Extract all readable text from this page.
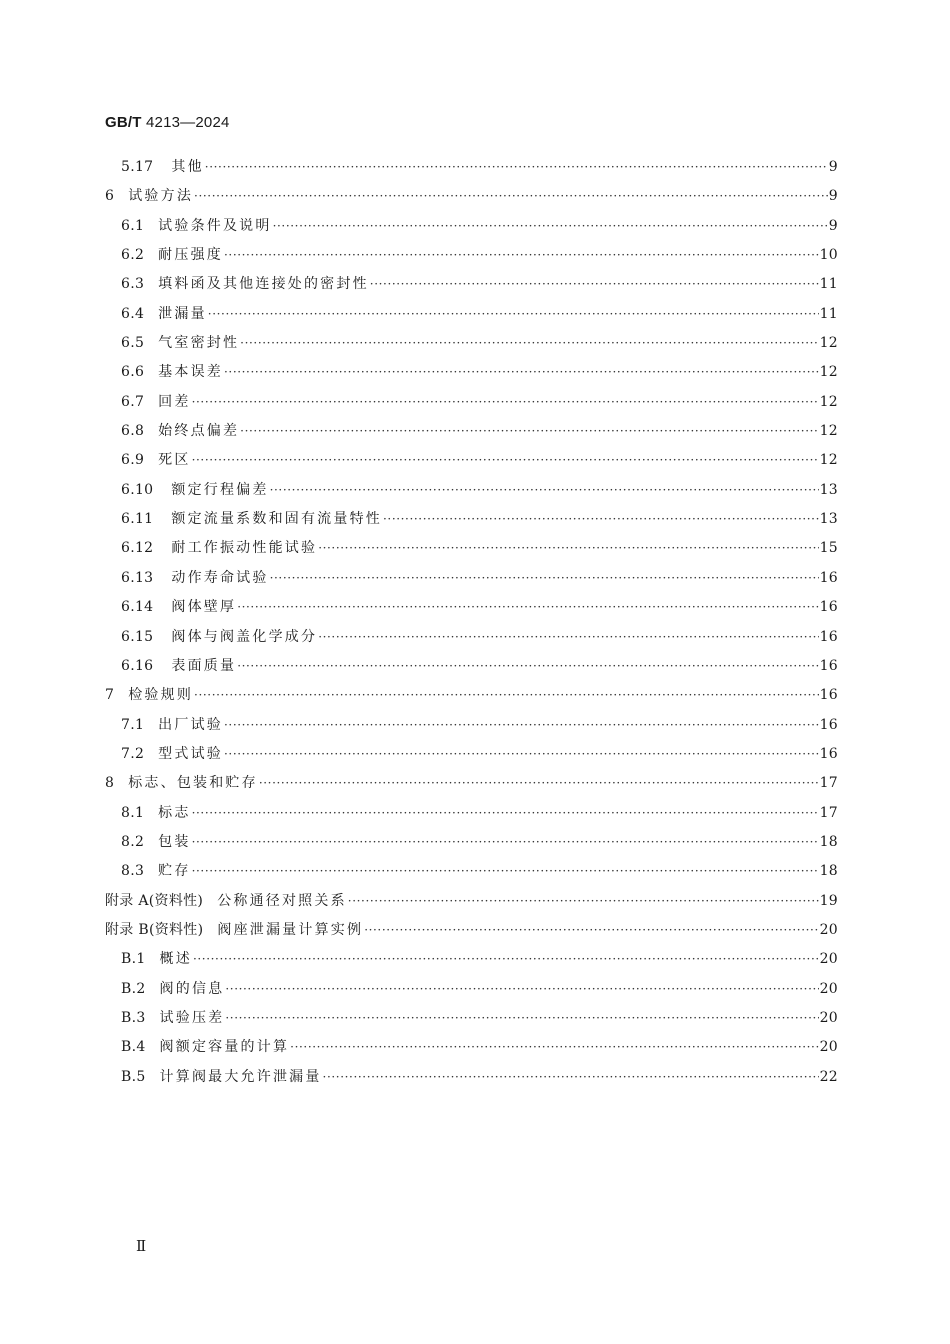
GB/T 4213—2024
5.17 其他 ·····	9
6 试验方法 ·····	9
6.1 试验条件及说明 ·····	9
6.2 耐压强度 ·····	10
6.3 填料函及其他连接处的密封性 ·····	11
6.4 泄漏量 ·····	11
6.5 气室密封性 ·····	12
6.6 基本误差 ·····	12
6.7 回差 ·····	12
6.8 始终点偏差 ·····	12
6.9 死区 ·····	12
6.10 额定行程偏差 ·····	13
6.11 额定流量系数和固有流量特性 ·····	13
6.12 耐工作振动性能试验 ·····	15
6.13 动作寿命试验 ·····	16
6.14 阀体壁厚 ·····	16
6.15 阀体与阀盖化学成分 ·····	16
6.16 表面质量 ·····	16
7 检验规则 ·····	16
7.1 出厂试验 ·····	16
7.2 型式试验 ·····	16
8 标志、包装和贮存 ·····	17
8.1 标志 ·····	17
8.2 包装 ·····	18
8.3 贮存 ·····	18
附录 A(资料性) 公称通径对照关系 ·····	19
附录 B(资料性) 阀座泄漏量计算实例 ·····	20
B.1 概述 ·····	20
B.2 阀的信息 ·····	20
B.3 试验压差 ·····	20
B.4 阀额定容量的计算 ·····	20
B.5 计算阀最大允许泄漏量 ·····	22
Ⅱ
